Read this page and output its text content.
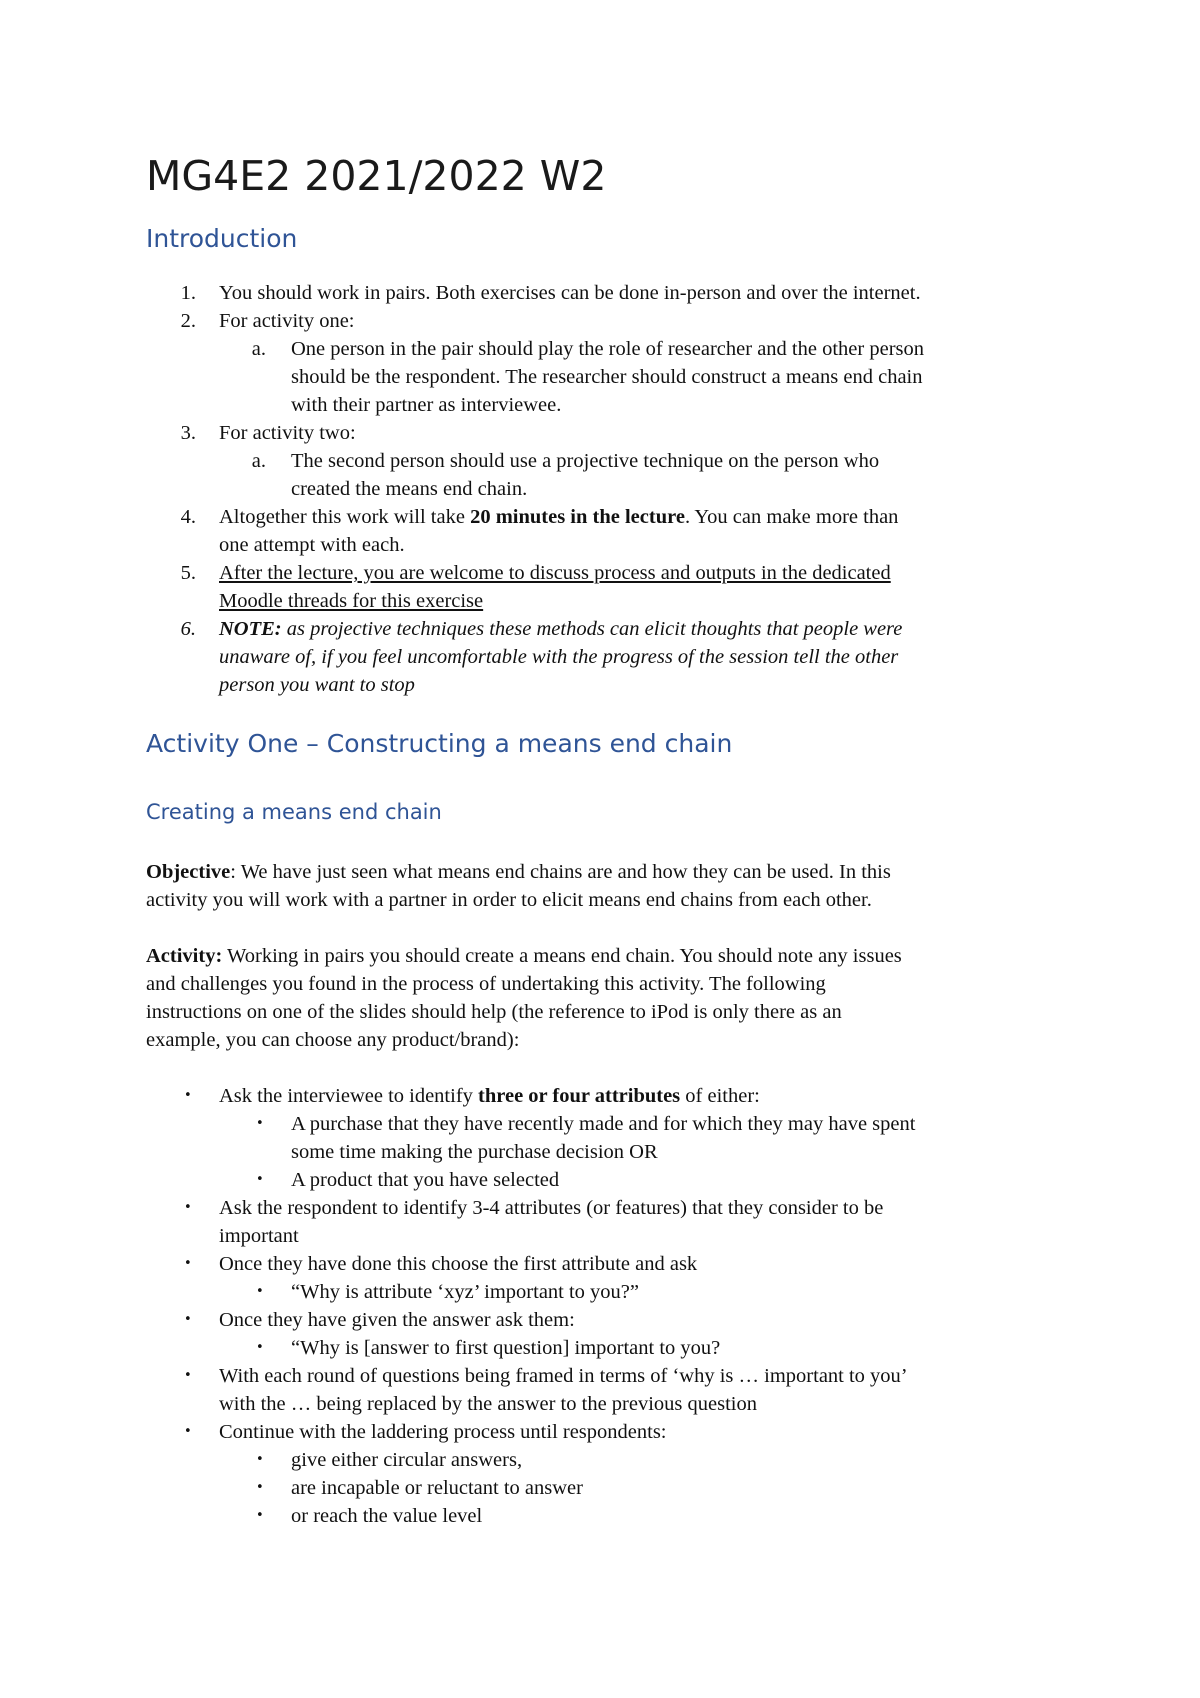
MG4E2 2021/2022 W2
Introduction
1. You should work in pairs. Both exercises can be done in-person and over the internet.
2. For activity one:
a. One person in the pair should play the role of researcher and the other person
should be the respondent. The researcher should construct a means end chain
with their partner as interviewee.
3. For activity two:
a. The second person should use a projective technique on the person who
created the means end chain.
4. Altogether this work will take 20 minutes in the lecture. You can make more than
one attempt with each.
5. After the lecture, you are welcome to discuss process and outputs in the dedicated
Moodle threads for this exercise
6. NOTE: as projective techniques these methods can elicit thoughts that people were
unaware of, if you feel uncomfortable with the progress of the session tell the other
person you want to stop
Activity One – Constructing a means end chain
Creating a means end chain
Objective: We have just seen what means end chains are and how they can be used. In this
activity you will work with a partner in order to elicit means end chains from each other.
Activity: Working in pairs you should create a means end chain. You should note any issues
and challenges you found in the process of undertaking this activity. The following
instructions on one of the slides should help (the reference to iPod is only there as an
example, you can choose any product/brand):
• Ask the interviewee to identify three or four attributes of either:
• A purchase that they have recently made and for which they may have spent
some time making the purchase decision OR
• A product that you have selected
• Ask the respondent to identify 3-4 attributes (or features) that they consider to be
important
• Once they have done this choose the first attribute and ask
• “Why is attribute ‘xyz’ important to you?”
• Once they have given the answer ask them:
• “Why is [answer to first question] important to you?
• With each round of questions being framed in terms of ‘why is … important to you’
with the … being replaced by the answer to the previous question
• Continue with the laddering process until respondents:
• give either circular answers,
• are incapable or reluctant to answer
• or reach the value level
